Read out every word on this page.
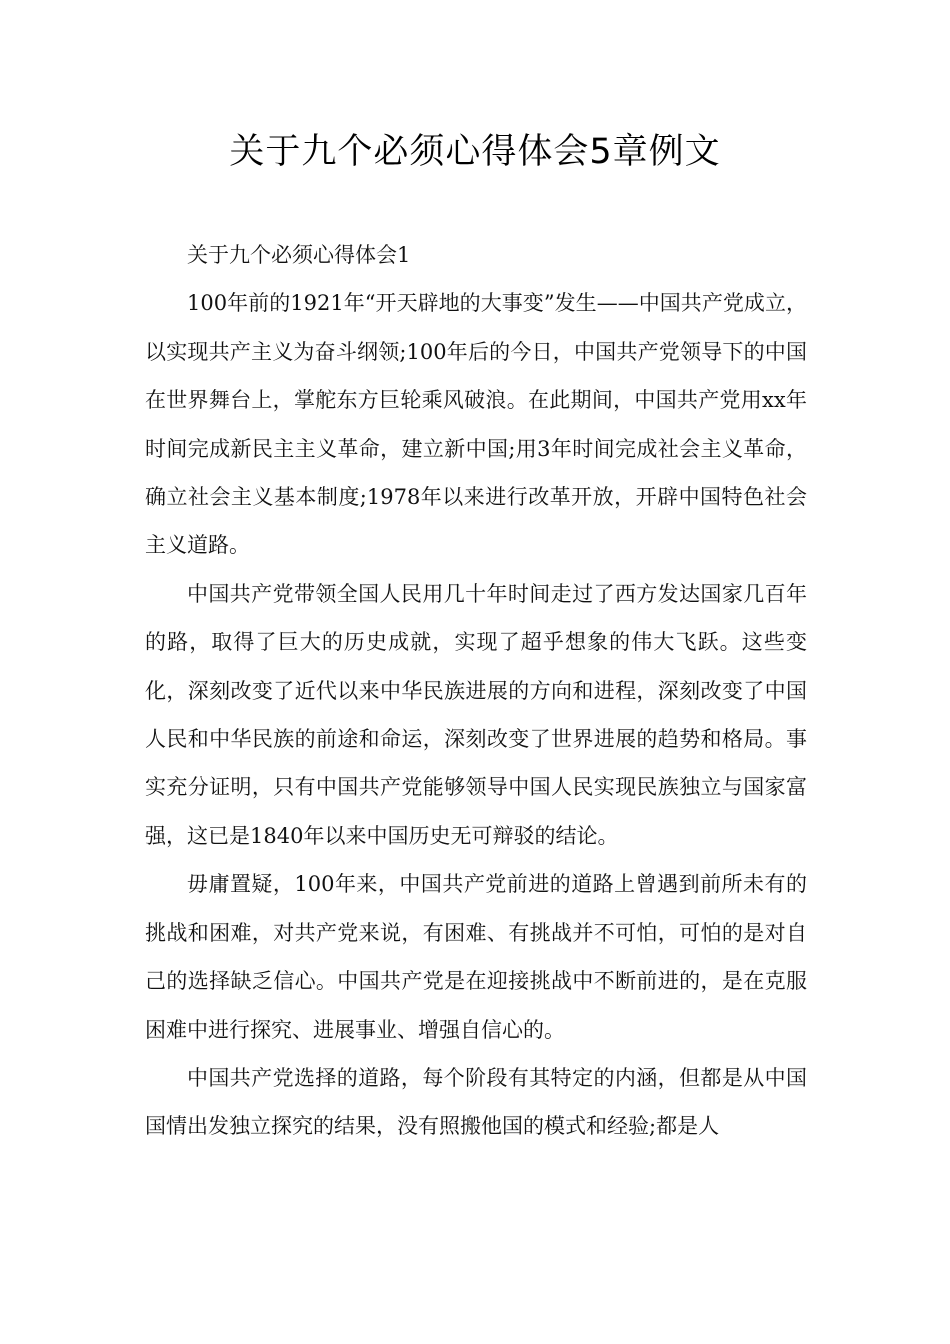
关于九个必须心得体会5章例文

关于九个必须心得体会1

100年前的1921年“开天辟地的大事变”发生——中国共产党成立，以实现共产主义为奋斗纲领;100年后的今日，中国共产党领导下的中国在世界舞台上，掌舵东方巨轮乘风破浪。在此期间，中国共产党用xx年时间完成新民主主义革命，建立新中国;用3年时间完成社会主义革命，确立社会主义基本制度;1978年以来进行改革开放，开辟中国特色社会主义道路。

中国共产党带领全国人民用几十年时间走过了西方发达国家几百年的路，取得了巨大的历史成就，实现了超乎想象的伟大飞跃。这些变化，深刻改变了近代以来中华民族进展的方向和进程，深刻改变了中国人民和中华民族的前途和命运，深刻改变了世界进展的趋势和格局。事实充分证明，只有中国共产党能够领导中国人民实现民族独立与国家富强，这已是1840年以来中国历史无可辩驳的结论。

毋庸置疑，100年来，中国共产党前进的道路上曾遇到前所未有的挑战和困难，对共产党来说，有困难、有挑战并不可怕，可怕的是对自己的选择缺乏信心。中国共产党是在迎接挑战中不断前进的，是在克服困难中进行探究、进展事业、增强自信心的。

中国共产党选择的道路，每个阶段有其特定的内涵，但都是从中国国情出发独立探究的结果，没有照搬他国的模式和经验;都是人
